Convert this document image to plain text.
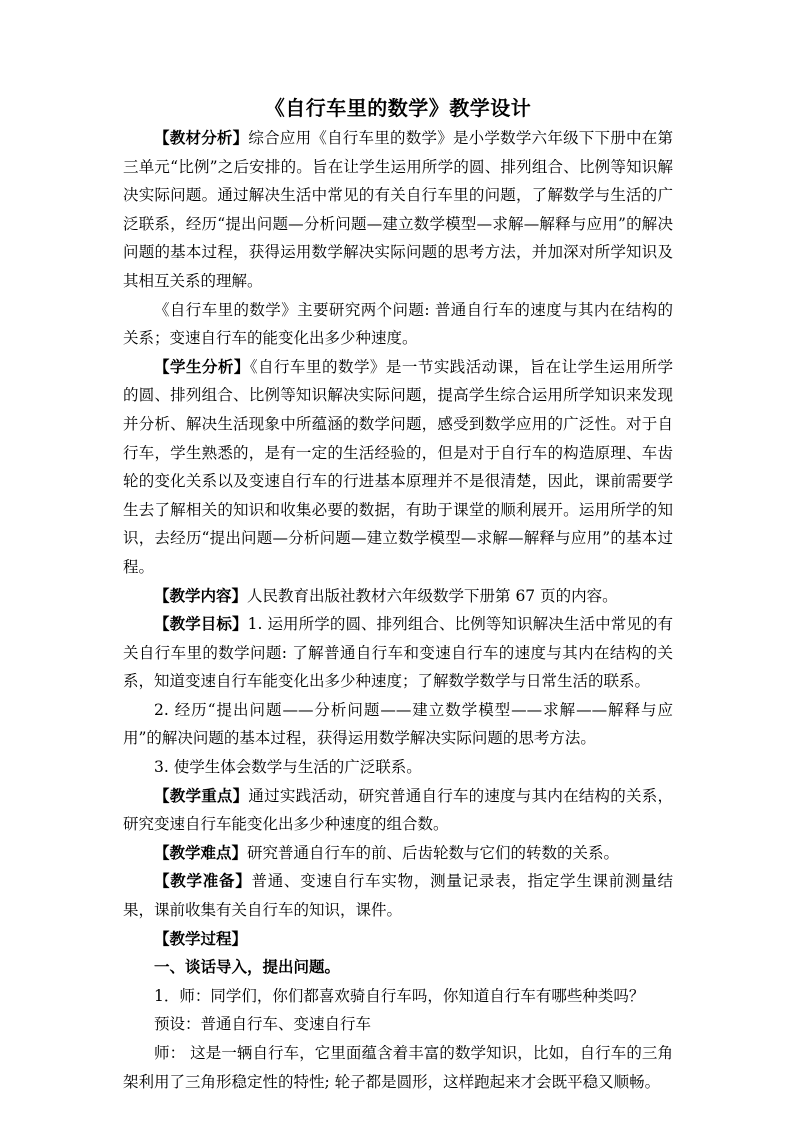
《自行车里的数学》教学设计

【教材分析】综合应用《自行车里的数学》是小学数学六年级下下册中在第三单元“比例”之后安排的。旨在让学生运用所学的圆、排列组合、比例等知识解决实际问题。通过解决生活中常见的有关自行车里的问题，了解数学与生活的广泛联系，经历“提出问题—分析问题—建立数学模型—求解—解释与应用”的解决问题的基本过程，获得运用数学解决实际问题的思考方法，并加深对所学知识及其相互关系的理解。

《自行车里的数学》主要研究两个问题: 普通自行车的速度与其内在结构的关系；变速自行车的能变化出多少种速度。

【学生分析】《自行车里的数学》是一节实践活动课，旨在让学生运用所学的圆、排列组合、比例等知识解决实际问题，提高学生综合运用所学知识来发现并分析、解决生活现象中所蕴涵的数学问题，感受到数学应用的广泛性。对于自行车，学生熟悉的，是有一定的生活经验的，但是对于自行车的构造原理、车齿轮的变化关系以及变速自行车的行进基本原理并不是很清楚，因此，课前需要学生去了解相关的知识和收集必要的数据，有助于课堂的顺利展开。运用所学的知识，去经历“提出问题—分析问题—建立数学模型—求解—解释与应用”的基本过程。

【教学内容】人民教育出版社教材六年级数学下册第 67 页的内容。

【教学目标】1. 运用所学的圆、排列组合、比例等知识解决生活中常见的有关自行车里的数学问题: 了解普通自行车和变速自行车的速度与其内在结构的关系，知道变速自行车能变化出多少种速度；了解数学数学与日常生活的联系。

2. 经历“提出问题——分析问题——建立数学模型——求解——解释与应用”的解决问题的基本过程，获得运用数学解决实际问题的思考方法。

3. 使学生体会数学与生活的广泛联系。

【教学重点】通过实践活动，研究普通自行车的速度与其内在结构的关系，研究变速自行车能变化出多少种速度的组合数。

【教学难点】研究普通自行车的前、后齿轮数与它们的转数的关系。

【教学准备】普通、变速自行车实物，测量记录表，指定学生课前测量结果，课前收集有关自行车的知识，课件。

【教学过程】

一、谈话导入，提出问题。

1．师：同学们，你们都喜欢骑自行车吗，你知道自行车有哪些种类吗？

预设：普通自行车、变速自行车

师： 这是一辆自行车，它里面蕴含着丰富的数学知识，比如，自行车的三角架利用了三角形稳定性的特性; 轮子都是圆形，这样跑起来才会既平稳又顺畅。
